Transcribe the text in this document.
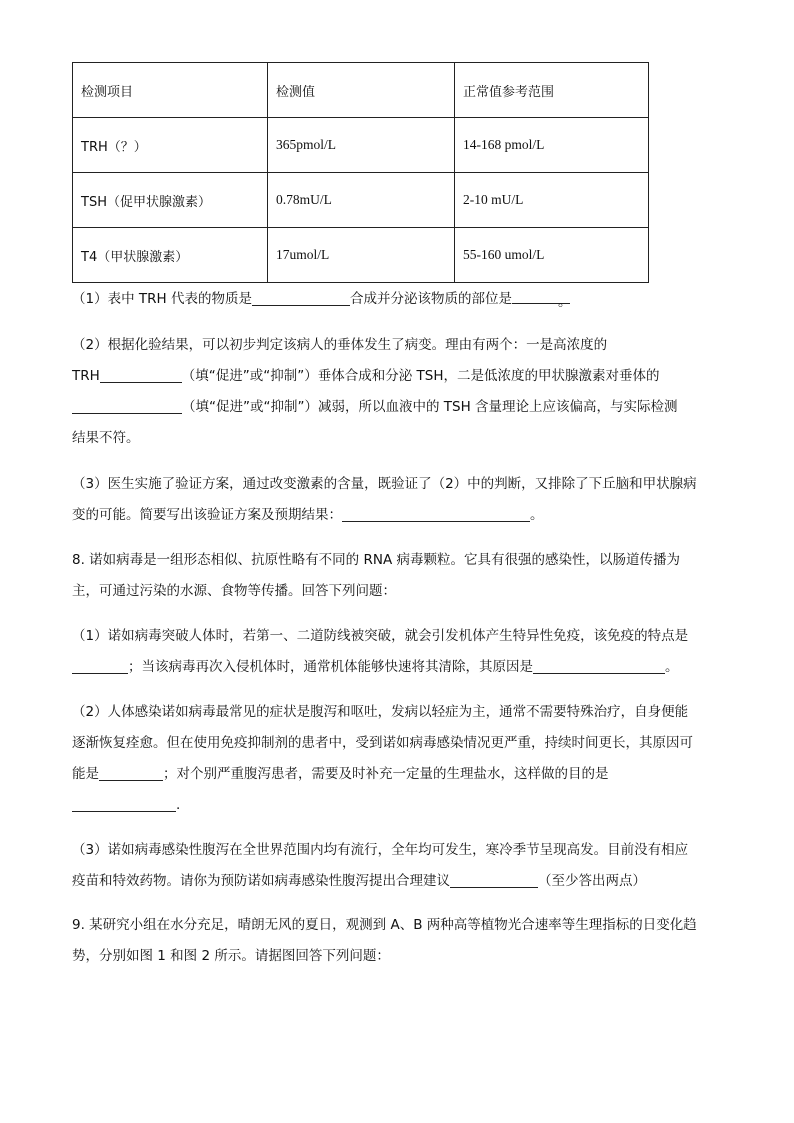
检测项目	检测值	正常值参考范围
TRH（？）	365pmol/L	14-168 pmol/L
TSH（促甲状腺激素）	0.78mU/L	2-10 mU/L
T4（甲状腺激素）	17umol/L	55-160 umol/L
（1）表中 TRH 代表的物质是	合成并分泌该物质的部位是	。
（2）根据化验结果，可以初步判定该病人的垂体发生了病变。理由有两个：一是高浓度的
TRH	（填“促进”或“抑制”）垂体合成和分泌 TSH，二是低浓度的甲状腺激素对垂体的
（填“促进”或“抑制”）减弱，所以血液中的 TSH 含量理论上应该偏高，与实际检测
结果不符。
（3）医生实施了验证方案，通过改变激素的含量，既验证了（2）中的判断，又排除了下丘脑和甲状腺病
变的可能。简要写出该验证方案及预期结果：	。
8. 诺如病毒是一组形态相似、抗原性略有不同的 RNA 病毒颗粒。它具有很强的感染性，以肠道传播为
主，可通过污染的水源、食物等传播。回答下列问题：
（1）诺如病毒突破人体时，若第一、二道防线被突破，就会引发机体产生特异性免疫，该免疫的特点是
；当该病毒再次入侵机体时，通常机体能够快速将其清除，其原因是	。
（2）人体感染诺如病毒最常见的症状是腹泻和呕吐，发病以轻症为主，通常不需要特殊治疗，自身便能
逐渐恢复痊愈。但在使用免疫抑制剂的患者中，受到诺如病毒感染情况更严重，持续时间更长，其原因可
能是	；对个别严重腹泻患者，需要及时补充一定量的生理盐水，这样做的目的是
.
（3）诺如病毒感染性腹泻在全世界范围内均有流行，全年均可发生，寒冷季节呈现高发。目前没有相应
疫苗和特效药物。请你为预防诺如病毒感染性腹泻提出合理建议	（至少答出两点）
9. 某研究小组在水分充足，晴朗无风的夏日，观测到 A、B 两种高等植物光合速率等生理指标的日变化趋
势，分别如图 1 和图 2 所示。请据图回答下列问题：
